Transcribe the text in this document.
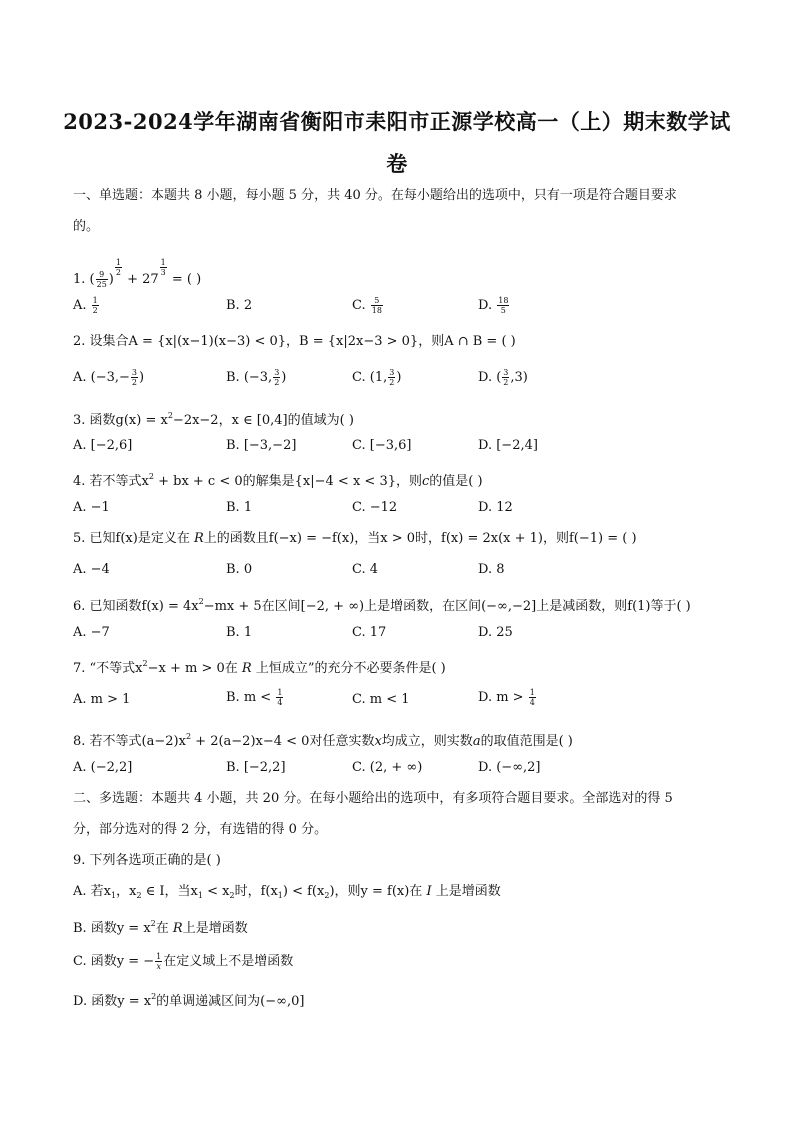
2023-2024学年湖南省衡阳市耒阳市正源学校高一（上）期末数学试
卷
一、单选题：本题共 8 小题，每小题 5 分，共 40 分。在每小题给出的选项中，只有一项是符合题目要求
的。
1. ( $\frac{9}{25}$ )
$\frac{1}{2}$
+ 27
$\frac{1}{3}$
= ( )
A. $\frac{1}{2}$	B. 2	C. $\frac{5}{18}$	D. $\frac{18}{5}$
2. 设集合A = {x|(x−1)(x−3) < 0}，B = {x|2x−3 > 0}，则A ∩ B = ( )
A. ($-3,- \frac{3}{2}$ )	B. (−3, $\frac{3}{2}$ )	C. (1, $\frac{3}{2}$ )	D. ( $\frac{3}{2} ,3$)
3. 函数$g(x) = x^2-2x-2$，x ∈ [0,4]的值域为( )
A. [−2,6]	B. [−3,−2]	C. [−3,6]	D. [−2,4]
4. 若不等式$x^2$ + bx + c < 0的解集是{x|−4 < x < 3}，则c的值是( )
A. −1	B. 1	C. −12	D. 12
5. 已知f(x)是定义在 R上的函数且f(−x) = −f(x)，当x > 0时，f(x) = 2x(x + 1)，则f(−1) = ( )
A. −4	B. 0	C. 4	D. 8
6. 已知函数$f(x) = 4x^2-mx + 5$在区间[−2, + ∞)上是增函数，在区间(−∞,−2]上是减函数，则f(1)等于( )
A. −7	B. 1	C. 17	D. 25
7. “不等式$x^2-x + m > 0$在 R 上恒成立”的充分不必要条件是( )
A. m > 1	B. $m < \frac{1}{4}$	C. m < 1	D. $m > \frac{1}{4}$
8. 若不等式$(a-2)x^2 + 2(a-2)x-4 < 0$对任意实数x均成立，则实数a的取值范围是( )
A. (−2,2]	B. [−2,2]	C. (2, + ∞)	D. (−∞,2]
二、多选题：本题共 4 小题，共 20 分。在每小题给出的选项中，有多项符合题目要求。全部选对的得 5
分，部分选对的得 2 分，有选错的得 0 分。
9. 下列各选项正确的是( )
A. 若$x_1$，$x_2$ ∈ I，当$x_1 < x_2$时，$f(x_1) < f(x_2)$，则y = f(x)在 I 上是增函数
B. 函数$y = x^2$在 R上是增函数
C. 函数y = − $\frac{1}{x}$ 在定义域上不是增函数
D. 函数$y = x^2$的单调递减区间为(−∞,0]
